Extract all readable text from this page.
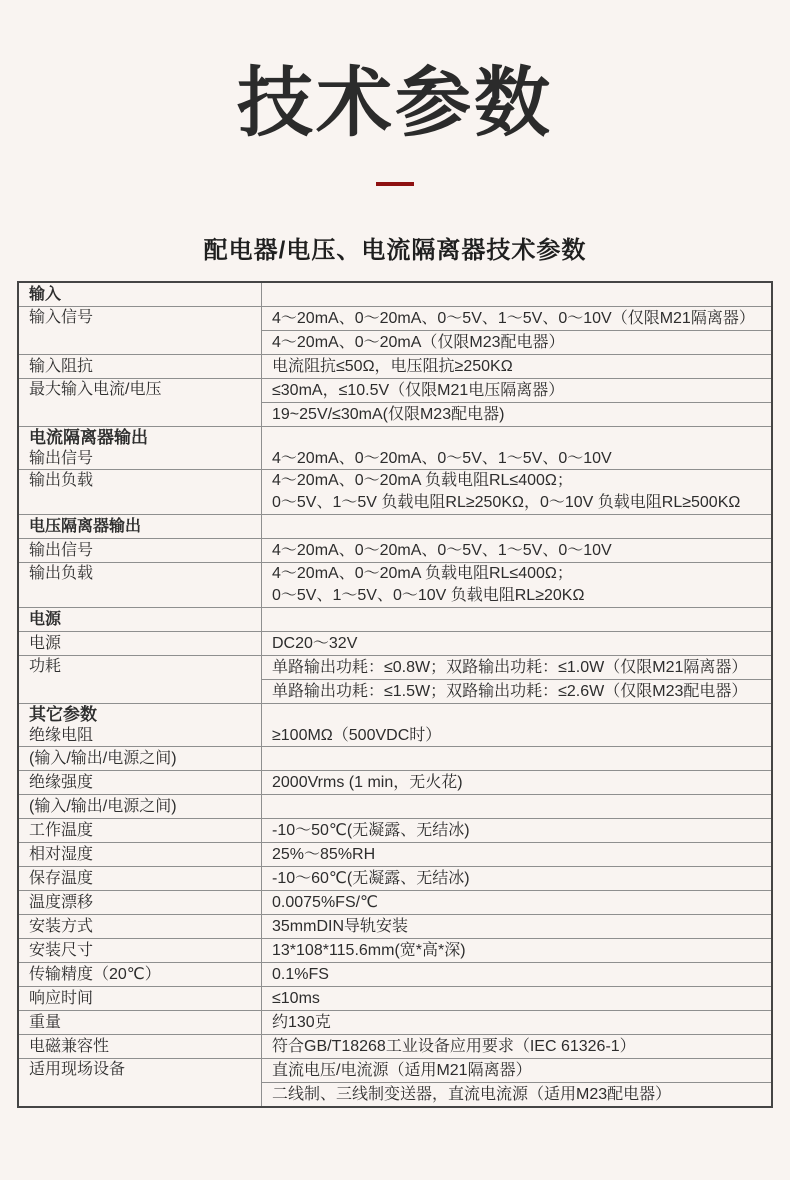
技术参数
配电器/电压、电流隔离器技术参数
输入	
输入信号	4～20mA、0～20mA、0～5V、1～5V、0～10V（仅限M21隔离器）
	4～20mA、0～20mA（仅限M23配电器）
输入阻抗	电流阻抗≤50Ω，电压阻抗≥250KΩ
最大输入电流/电压	≤30mA，≤10.5V（仅限M21电压隔离器）
	19~25V/≤30mA(仅限M23配电器)

电流隔离器输出
输出信号	4～20mA、0～20mA、0～5V、1～5V、0～10V
输出负载	4～20mA、0～20mA 负载电阻RL≤400Ω；
0～5V、1～5V 负载电阻RL≥250KΩ，0～10V 负载电阻RL≥500KΩ

电压隔离器输出	
输出信号	4～20mA、0～20mA、0～5V、1～5V、0～10V
输出负载	4～20mA、0～20mA 负载电阻RL≤400Ω；
0～5V、1～5V、0～10V 负载电阻RL≥20KΩ

电源	
电源	DC20～32V
功耗	单路输出功耗：≤0.8W；双路输出功耗：≤1.0W（仅限M21隔离器）
	单路输出功耗：≤1.5W；双路输出功耗：≤2.6W（仅限M23配电器）

其它参数
绝缘电阻	≥100MΩ（500VDC时）
(输入/输出/电源之间)	
绝缘强度	2000Vrms (1 min，无火花)
(输入/输出/电源之间)	
工作温度	-10～50℃(无凝露、无结冰)
相对湿度	25%～85%RH
保存温度	-10～60℃(无凝露、无结冰)
温度漂移	0.0075%FS/℃
安装方式	35mmDIN导轨安装
安装尺寸	13*108*115.6mm(宽*高*深)
传输精度（20℃）	0.1%FS
响应时间	≤10ms
重量	约130克
电磁兼容性	符合GB/T18268工业设备应用要求（IEC 61326-1）
适用现场设备	直流电压/电流源（适用M21隔离器）
	二线制、三线制变送器，直流电流源（适用M23配电器）
